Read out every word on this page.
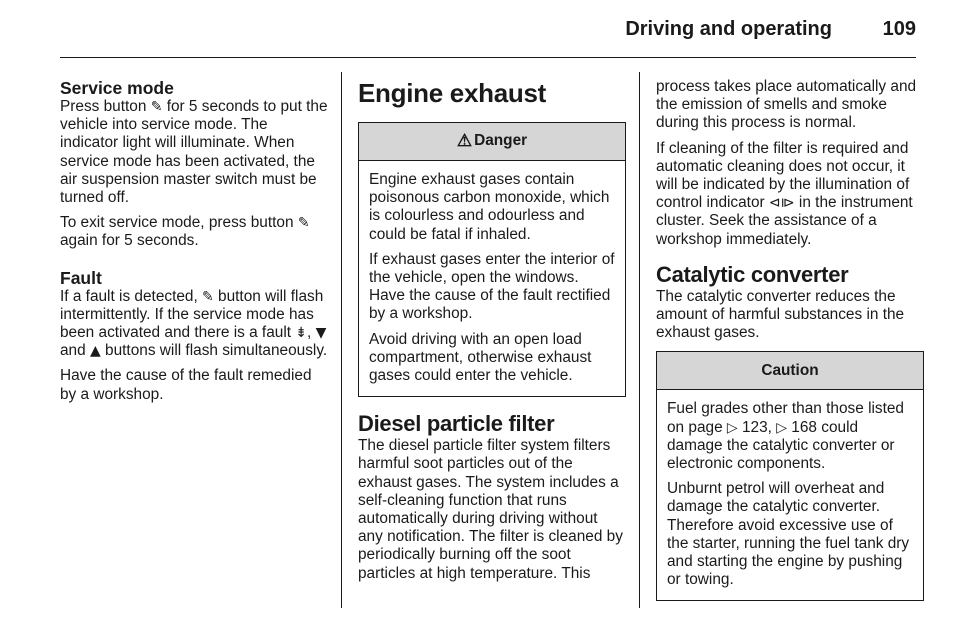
Driving and operating	109
Service mode

Press button ✎ for 5 seconds to put the vehicle into service mode. The indicator light will illuminate. When service mode has been activated, the air suspension master switch must be turned off.

To exit service mode, press button ✎ again for 5 seconds.

Fault

If a fault is detected, ✎ button will flash intermittently. If the service mode has been activated and there is a fault ⇟, ▼ and ▲ buttons will flash simultaneously.

Have the cause of the fault remedied by a workshop.

Engine exhaust
⚠ Danger

Engine exhaust gases contain poisonous carbon monoxide, which is colourless and odourless and could be fatal if inhaled.

If exhaust gases enter the interior of the vehicle, open the windows. Have the cause of the fault rectified by a workshop.

Avoid driving with an open load compartment, otherwise exhaust gases could enter the vehicle.

Diesel particle filter

The diesel particle filter system filters harmful soot particles out of the exhaust gases. The system includes a self-cleaning function that runs automatically during driving without any notification. The filter is cleaned by periodically burning off the soot particles at high temperature. This

process takes place automatically and the emission of smells and smoke during this process is normal.

If cleaning of the filter is required and automatic cleaning does not occur, it will be indicated by the illumination of control indicator ⊲⧐ in the instrument cluster. Seek the assistance of a workshop immediately.

Catalytic converter

The catalytic converter reduces the amount of harmful substances in the exhaust gases.

Caution

Fuel grades other than those listed on page ▷ 123, ▷ 168 could damage the catalytic converter or electronic components.

Unburnt petrol will overheat and damage the catalytic converter. Therefore avoid excessive use of the starter, running the fuel tank dry and starting the engine by pushing or towing.
